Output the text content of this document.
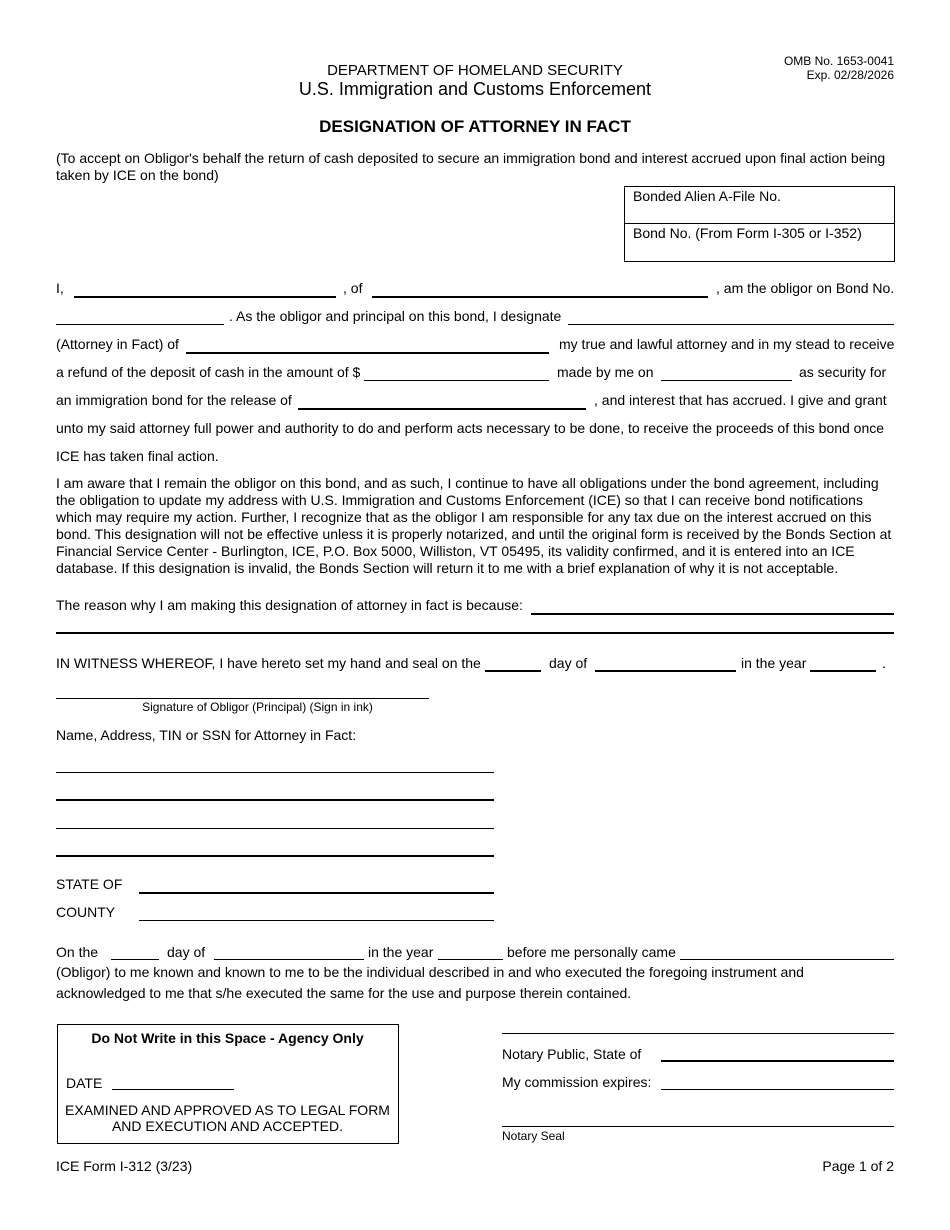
OMB No. 1653-0041
Exp. 02/28/2026
DEPARTMENT OF HOMELAND SECURITY
U.S. Immigration and Customs Enforcement
DESIGNATION OF ATTORNEY IN FACT
(To accept on Obligor's behalf the return of cash deposited to secure an immigration bond and interest accrued upon final action being taken by ICE on the bond)
Bonded Alien A-File No.
Bond No. (From Form I-305 or I-352)
I,	, of	, am the obligor on Bond No.
. As the obligor and principal on this bond, I designate
(Attorney in Fact) of	my true and lawful attorney and in my stead to receive
a refund of the deposit of cash in the amount of $	made by me on	as security for
an immigration bond for the release of	, and interest that has accrued. I give and grant
unto my said attorney full power and authority to do and perform acts necessary to be done, to receive the proceeds of this bond once
ICE has taken final action.
I am aware that I remain the obligor on this bond, and as such, I continue to have all obligations under the bond agreement, including the obligation to update my address with U.S. Immigration and Customs Enforcement (ICE) so that I can receive bond notifications which may require my action. Further, I recognize that as the obligor I am responsible for any tax due on the interest accrued on this bond. This designation will not be effective unless it is properly notarized, and until the original form is received by the Bonds Section at Financial Service Center - Burlington, ICE, P.O. Box 5000, Williston, VT 05495, its validity confirmed, and it is entered into an ICE database. If this designation is invalid, the Bonds Section will return it to me with a brief explanation of why it is not acceptable.
The reason why I am making this designation of attorney in fact is because:
IN WITNESS WHEREOF, I have hereto set my hand and seal on the	day of	in the year	.
Signature of Obligor (Principal) (Sign in ink)
Name, Address, TIN or SSN for Attorney in Fact:
STATE OF
COUNTY
On the	day of	in the year	before me personally came
(Obligor) to me known and known to me to be the individual described in and who executed the foregoing instrument and
acknowledged to me that s/he executed the same for the use and purpose therein contained.
Do Not Write in this Space - Agency Only
DATE
EXAMINED AND APPROVED AS TO LEGAL FORM
AND EXECUTION AND ACCEPTED.
Notary Public, State of
My commission expires:
Notary Seal
ICE Form I-312 (3/23)	Page 1 of 2
